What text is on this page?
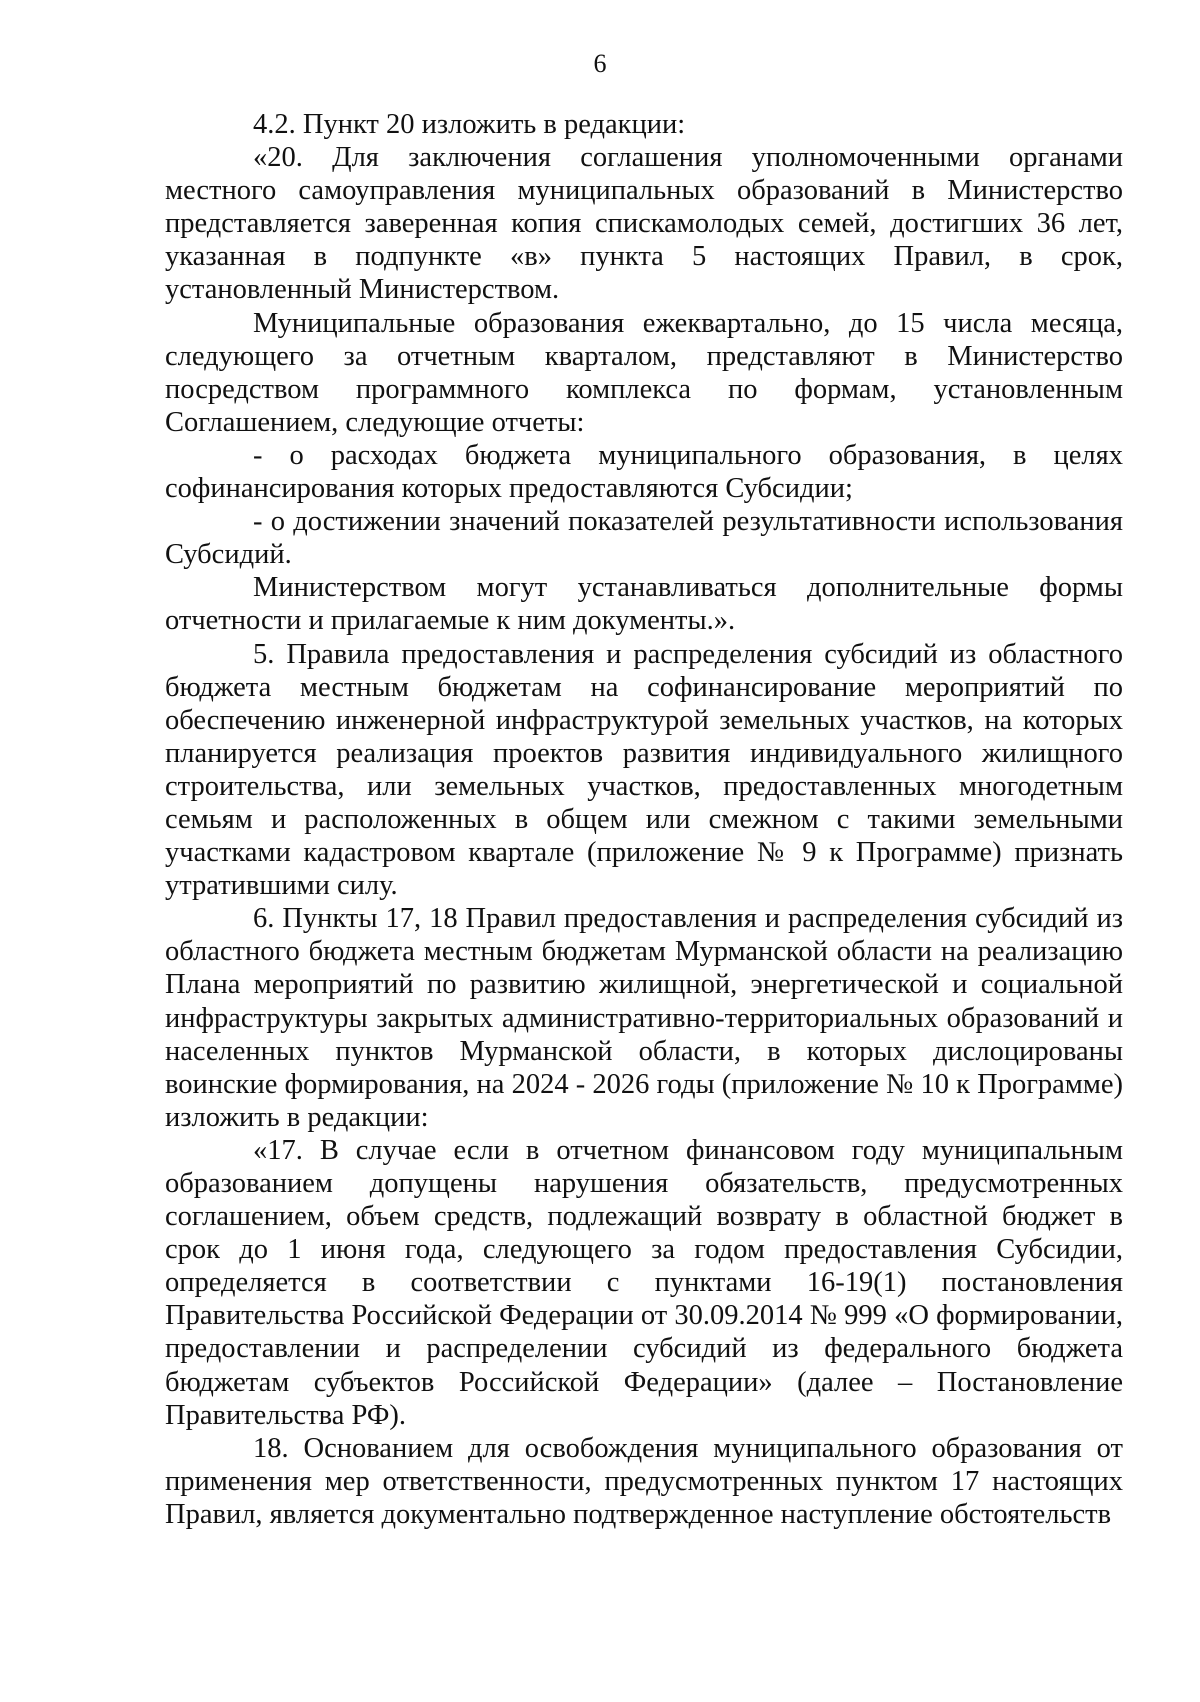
6

4.2. Пункт 20 изложить в редакции:

«20. Для заключения соглашения уполномоченными органами местного самоуправления муниципальных образований в Министерство представляется заверенная копия спискамолодых семей, достигших 36 лет, указанная в подпункте «в» пункта 5 настоящих Правил, в срок, установленный Министерством.

Муниципальные образования ежеквартально, до 15 числа месяца, следующего за отчетным кварталом, представляют в Министерство посредством программного комплекса по формам, установленным Соглашением, следующие отчеты:

- о расходах бюджета муниципального образования, в целях софинансирования которых предоставляются Субсидии;

- о достижении значений показателей результативности использования Субсидий.

Министерством могут устанавливаться дополнительные формы отчетности и прилагаемые к ним документы.».

5. Правила предоставления и распределения субсидий из областного бюджета местным бюджетам на софинансирование мероприятий по обеспечению инженерной инфраструктурой земельных участков, на которых планируется реализация проектов развития индивидуального жилищного строительства, или земельных участков, предоставленных многодетным семьям и расположенных в общем или смежном с такими земельными участками кадастровом квартале (приложение № 9 к Программе) признать утратившими силу.

6. Пункты 17, 18 Правил предоставления и распределения субсидий из областного бюджета местным бюджетам Мурманской области на реализацию Плана мероприятий по развитию жилищной, энергетической и социальной инфраструктуры закрытых административно-территориальных образований и населенных пунктов Мурманской области, в которых дислоцированы воинские формирования, на 2024 - 2026 годы (приложение № 10 к Программе) изложить в редакции:

«17. В случае если в отчетном финансовом году муниципальным образованием допущены нарушения обязательств, предусмотренных соглашением, объем средств, подлежащий возврату в областной бюджет в срок до 1 июня года, следующего за годом предоставления Субсидии, определяется в соответствии с пунктами 16-19(1) постановления Правительства Российской Федерации от 30.09.2014 № 999 «О формировании, предоставлении и распределении субсидий из федерального бюджета бюджетам субъектов Российской Федерации» (далее – Постановление Правительства РФ).

18. Основанием для освобождения муниципального образования от применения мер ответственности, предусмотренных пунктом 17 настоящих Правил, является документально подтвержденное наступление обстоятельств
